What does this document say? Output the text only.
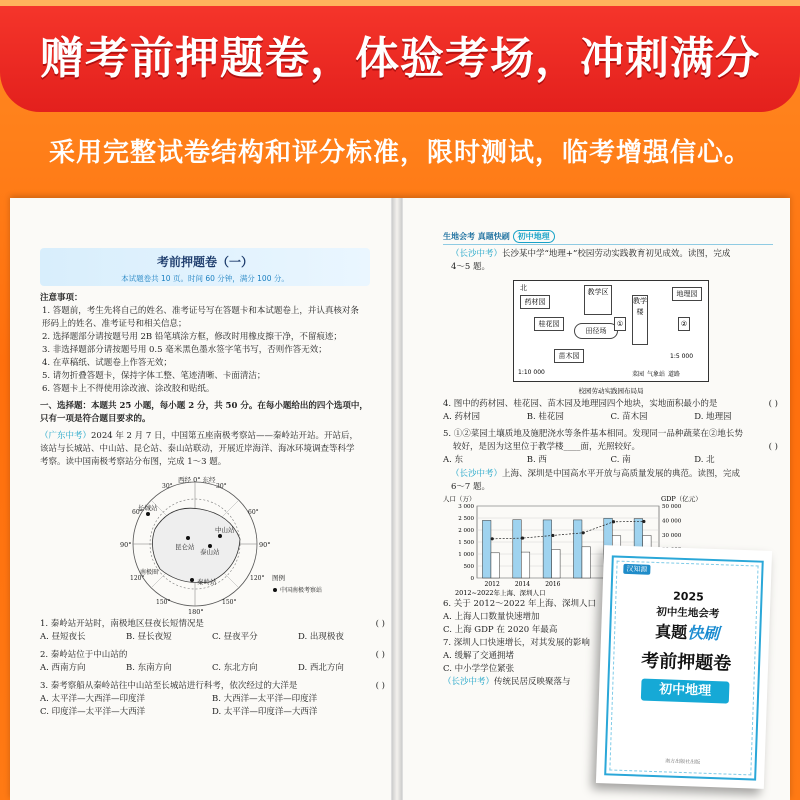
赠考前押题卷，体验考场，冲刺满分
采用完整试卷结构和评分标准，限时测试，临考增强信心。
考前押题卷（一）
本试题卷共 10 页。时间 60 分钟，满分 100 分。
注意事项：
1. 答题前，考生先将自己的姓名、准考证号写在答题卡和本试题卷上，并认真核对条
形码上的姓名、准考证号和相关信息；
2. 选择题部分请按题号用 2B 铅笔填涂方框，修改时用橡皮擦干净，不留痕迹；
3. 非选择题部分请按题号用 0.5 毫米黑色墨水签字笔书写，否则作答无效；
4. 在草稿纸、试题卷上作答无效；
5. 请勿折叠答题卡，保持字体工整、笔迹清晰、卡面清洁；
6. 答题卡上不得使用涂改液、涂改胶和贴纸。
一、选择题：本题共 25 小题，每小题 2 分，共 50 分。在每小题给出的四个选项中，
只有一项是符合题目要求的。
（广东中考）2024 年 2 月 7 日，中国第五座南极考察站——秦岭站开站。开站后，
该站与长城站、中山站、昆仑站、泰山站联动，开展近岸海洋、海冰环境调查等科学
考察。读中国南极考察站分布图，完成 1～3 题。
西经 0° 东经
长城站
昆仑站
泰山站
中山站
秦岭站
南极圈
90°	90°
180°
30°	30°
60°	60°
120°	120°
150°	150°
图例
中国南极考察站
1. 秦岭站开站时，南极地区昼夜长短情况是	( )
A. 昼短夜长	B. 昼长夜短	C. 昼夜平分	D. 出现极夜
2. 秦岭站位于中山站的	( )
A. 西南方向	B. 东南方向	C. 东北方向	D. 西北方向
3. 秦考察船从秦岭站往中山站至长城站进行科考，依次经过的大洋是	( )
A. 太平洋—大西洋—印度洋	B. 大西洋—太平洋—印度洋
C. 印度洋—太平洋—大西洋	D. 太平洋—印度洋—大西洋
生地会考 真题快刷 初中地理
（长沙中考）长沙某中学“地理+”校园劳动实践教育初见成效。读图，完成
4～5 题。
北
药材园
桂花园
教学区
田径场
苗木园
教学楼
地理园
①	②
1:10 000
1:5 000
菜园 气象站 道路
校园劳动实践园布局局
4. 图中的药材园、桂花园、苗木园及地理园四个地块，实地面积最小的是	( )
A. 药材园	B. 桂花园	C. 苗木园	D. 地理园
5. ①②菜园土壤质地及施肥浇水等条件基本相同。发现同一品种蔬菜在②地长势
较好，是因为这里位于教学楼____面，光照较好。	( )
A. 东	B. 西	C. 南	D. 北
（长沙中考）上海、深圳是中国高水平开放与高质量发展的典范。读图，完成
6～7 题。
人口（万）	GDP（亿元）
3 000
2 500
2 000
1 500
1 000
500
0
50 000
40 000
30 000
2012	2014	2016
2012~2022年上海、深圳人口
6. 关于 2012～2022 年上海、深圳人口
A. 上海人口数量快速增加
C. 上海 GDP 在 2020 年最高
7. 深圳人口快速增长，对其发展的影响
A. 缓解了交通拥堵
C. 中小学学位紧张
（长沙中考）传统民居反映聚落与
汉知源
2025
初中生地会考
真题快刷
考前押题卷
初中地理
南方出版社出版
